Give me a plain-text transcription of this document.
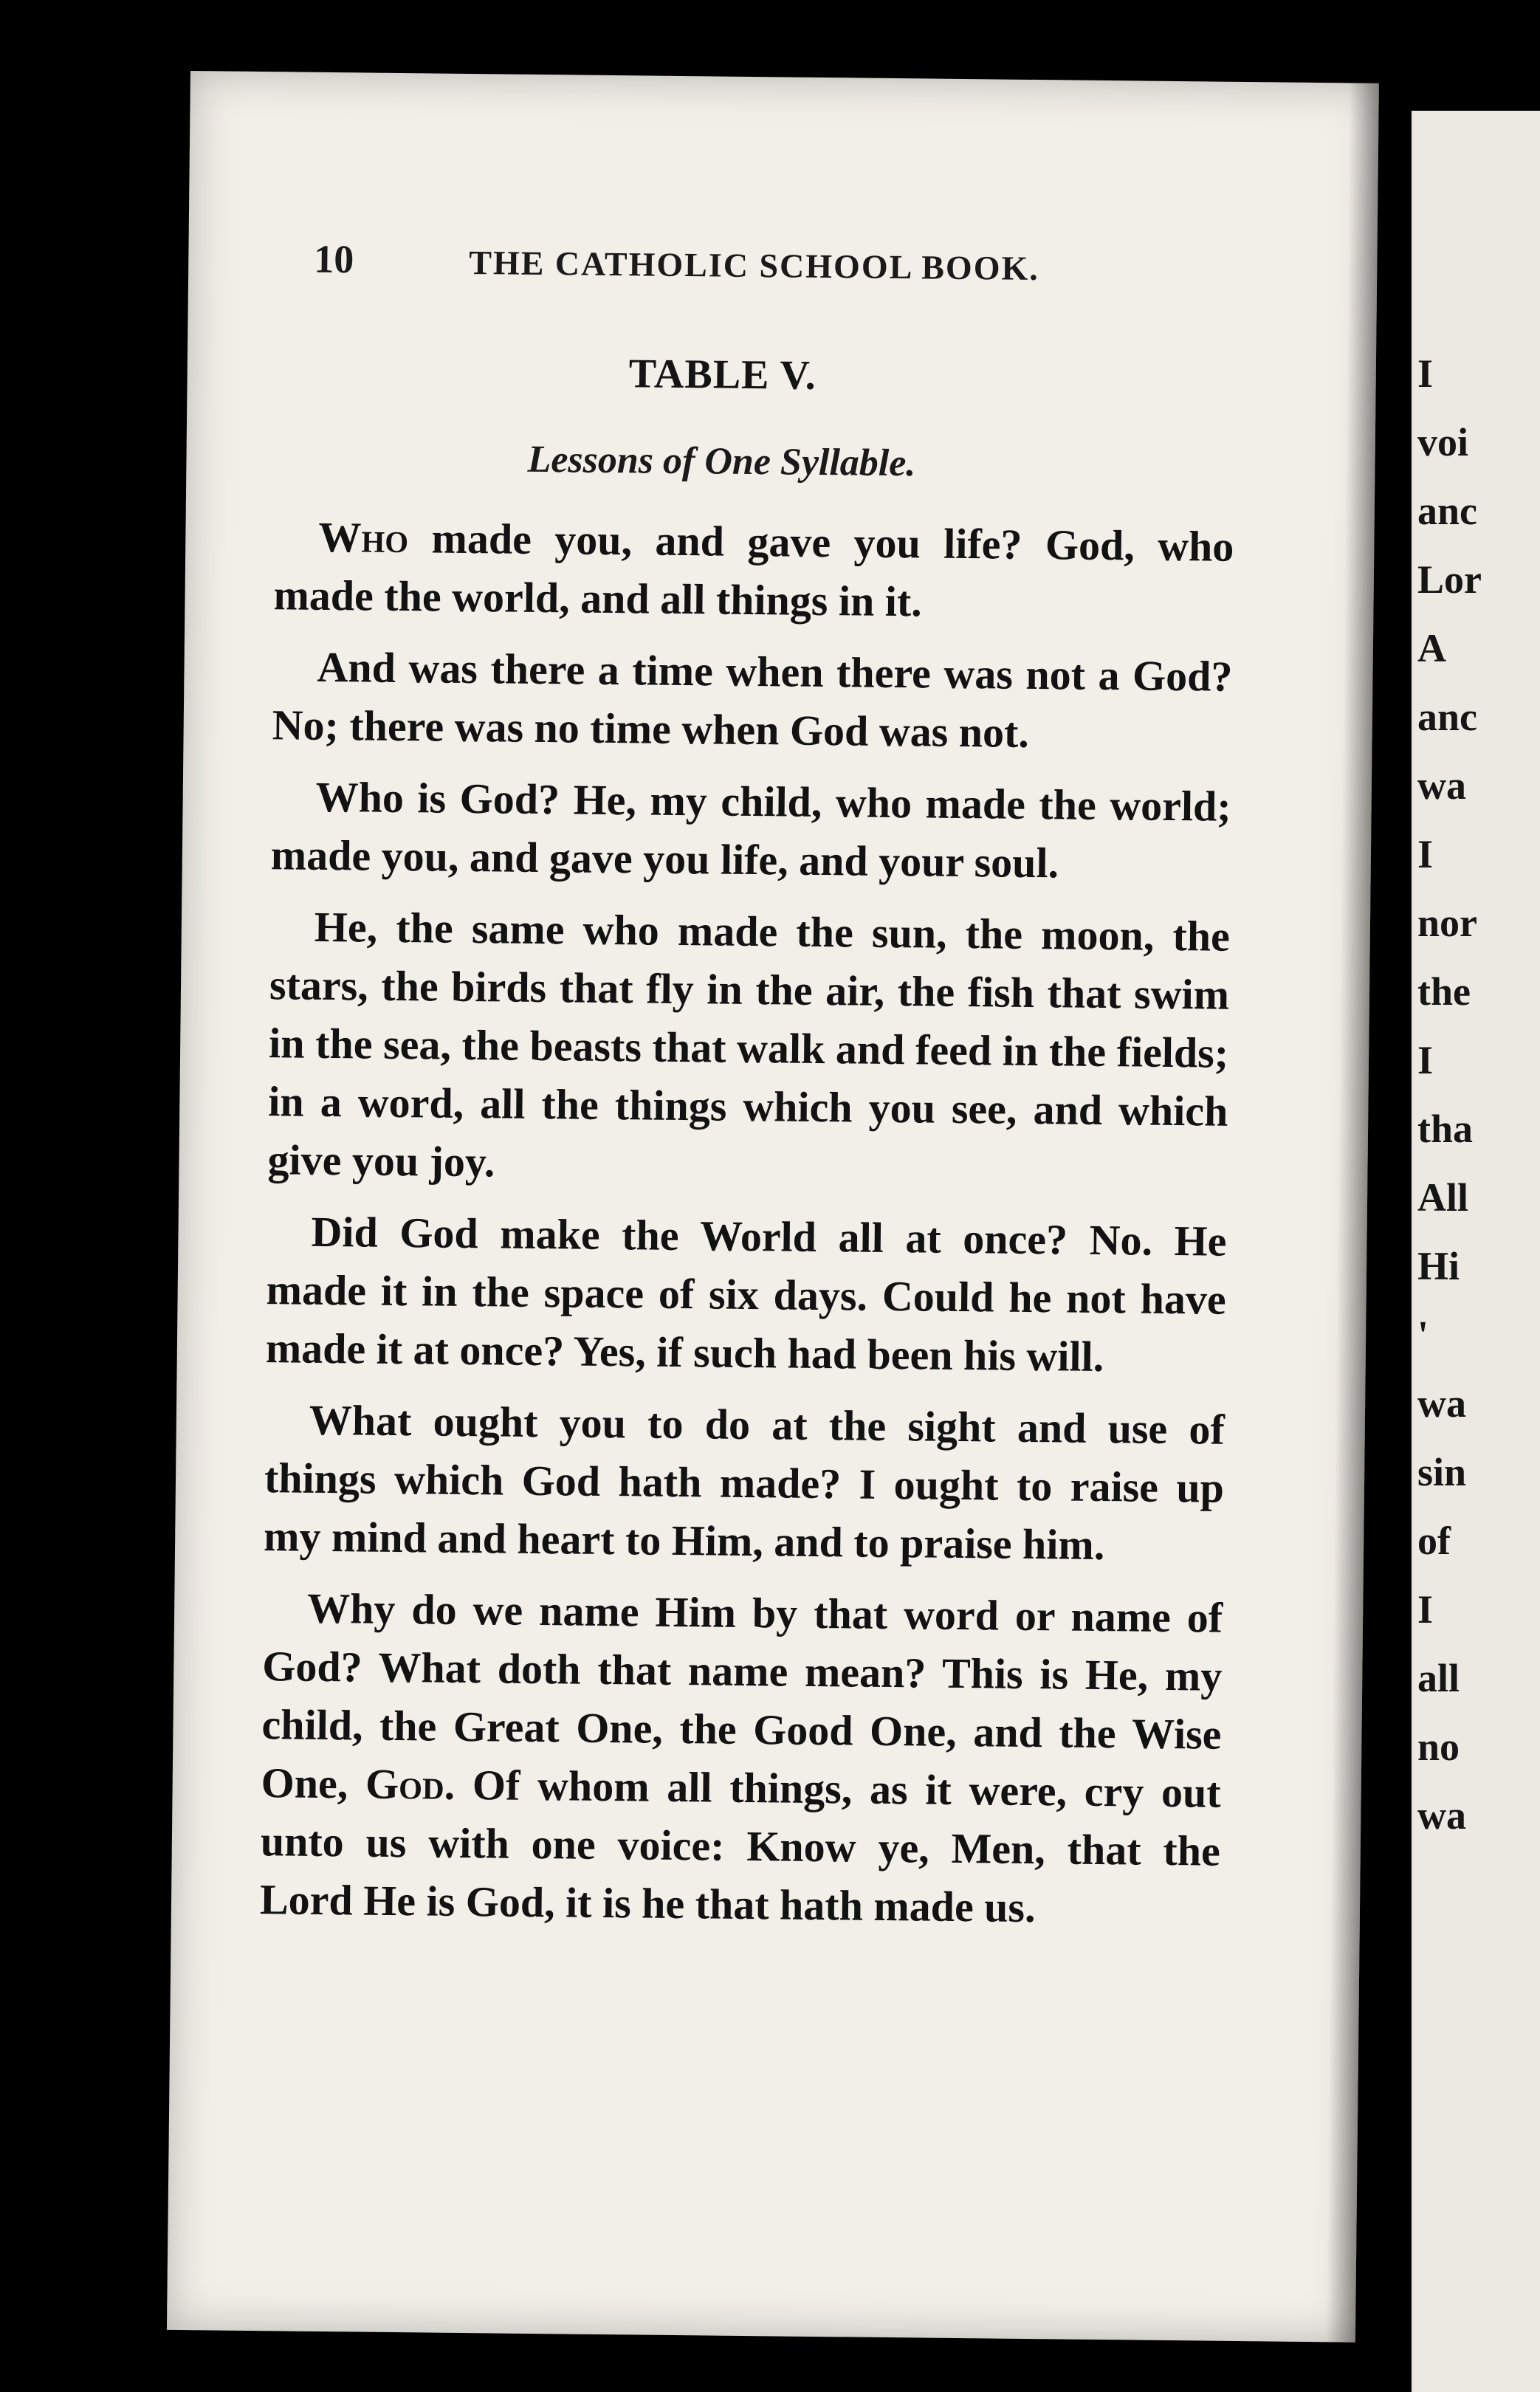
10	THE CATHOLIC SCHOOL BOOK.
TABLE V.
Lessons of One Syllable.

Who made you, and gave you life? God, who made the world, and all things in it.

And was there a time when there was not a God? No; there was no time when God was not.

Who is God? He, my child, who made the world; made you, and gave you life, and your soul.

He, the same who made the sun, the moon, the stars, the birds that fly in the air, the fish that swim in the sea, the beasts that walk and feed in the fields; in a word, all the things which you see, and which give you joy.

Did God make the World all at once? No. He made it in the space of six days. Could he not have made it at once? Yes, if such had been his will.

What ought you to do at the sight and use of things which God hath made? I ought to raise up my mind and heart to Him, and to praise him.

Why do we name Him by that word or name of God? What doth that name mean? This is He, my child, the Great One, the Good One, and the Wise One, God. Of whom all things, as it were, cry out unto us with one voice: Know ye, Men, that the Lord He is God, it is he that hath made us.

I
voi
anc
Lor
A
anc
wa
I
nor
the
I
tha
All
Hi
'
wa
sin
of
I
all
no
wa
